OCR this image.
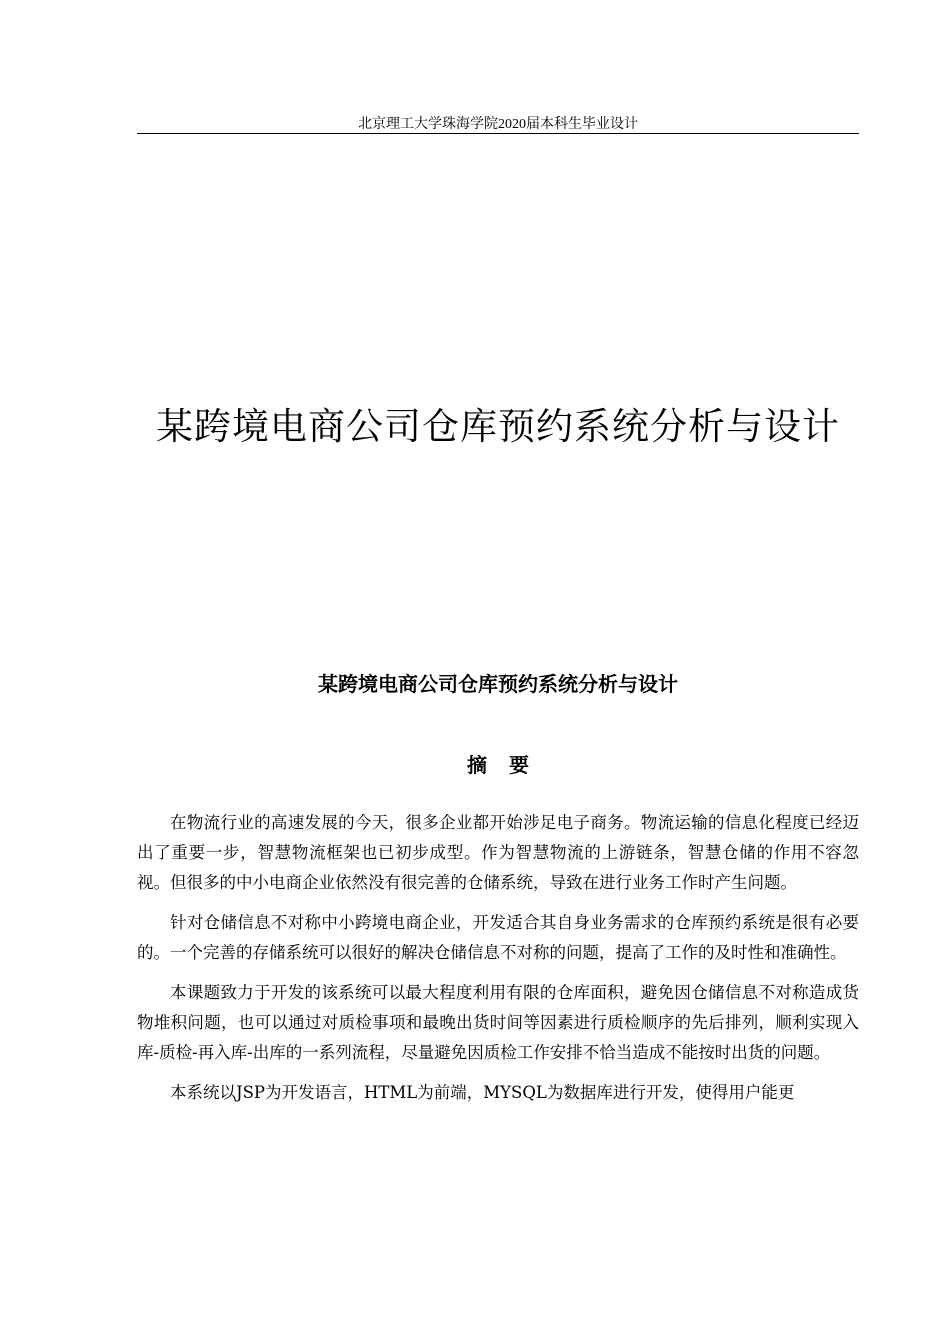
北京理工大学珠海学院2020届本科生毕业设计
某跨境电商公司仓库预约系统分析与设计
某跨境电商公司仓库预约系统分析与设计
摘要

在物流行业的高速发展的今天，很多企业都开始涉足电子商务。物流运输的信息化程度已经迈出了重要一步，智慧物流框架也已初步成型。作为智慧物流的上游链条，智慧仓储的作用不容忽视。但很多的中小电商企业依然没有很完善的仓储系统，导致在进行业务工作时产生问题。

针对仓储信息不对称中小跨境电商企业，开发适合其自身业务需求的仓库预约系统是很有必要的。一个完善的存储系统可以很好的解决仓储信息不对称的问题，提高了工作的及时性和准确性。

本课题致力于开发的该系统可以最大程度利用有限的仓库面积，避免因仓储信息不对称造成货物堆积问题，也可以通过对质检事项和最晚出货时间等因素进行质检顺序的先后排列，顺利实现入库-质检-再入库-出库的一系列流程，尽量避免因质检工作安排不恰当造成不能按时出货的问题。

本系统以JSP为开发语言，HTML为前端，MYSQL为数据库进行开发，使得用户能更
